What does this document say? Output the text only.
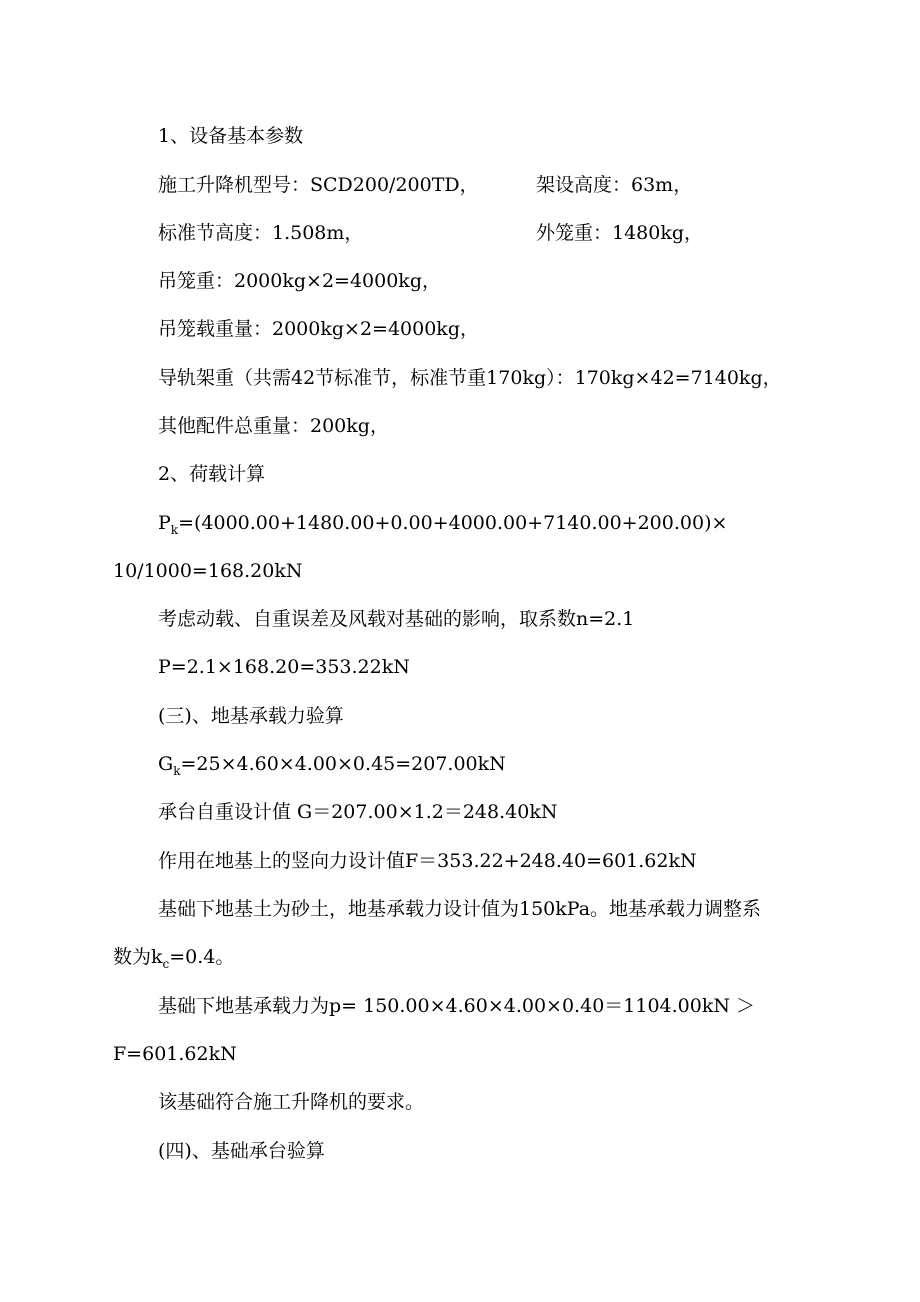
1、设备基本参数
施工升降机型号：SCD200/200TD，	架设高度：63m，
标准节高度：1.508m，	外笼重：1480kg，
吊笼重：2000kg×2=4000kg，
吊笼载重量：2000kg×2=4000kg，
导轨架重（共需42节标准节，标准节重170kg）：170kg×42=7140kg，
其他配件总重量：200kg，
2、荷载计算
$P_k=(4000.00+1480.00+0.00+4000.00+7140.00+200.00)\times$
10/1000=168.20kN
考虑动载、自重误差及风载对基础的影响，取系数n=2.1
P=2.1×168.20=353.22kN
(三)、地基承载力验算
$G_k=25\times 4.60\times 4.00\times 0.45=207.00kN$
承台自重设计值 G＝207.00×1.2＝248.40kN
作用在地基上的竖向力设计值F＝353.22+248.40=601.62kN
基础下地基土为砂土，地基承载力设计值为150kPa。地基承载力调整系
数为$k_c=0.4$。
基础下地基承载力为p= 150.00×4.60×4.00×0.40＝1104.00kN ＞
F=601.62kN
该基础符合施工升降机的要求。
(四)、基础承台验算
